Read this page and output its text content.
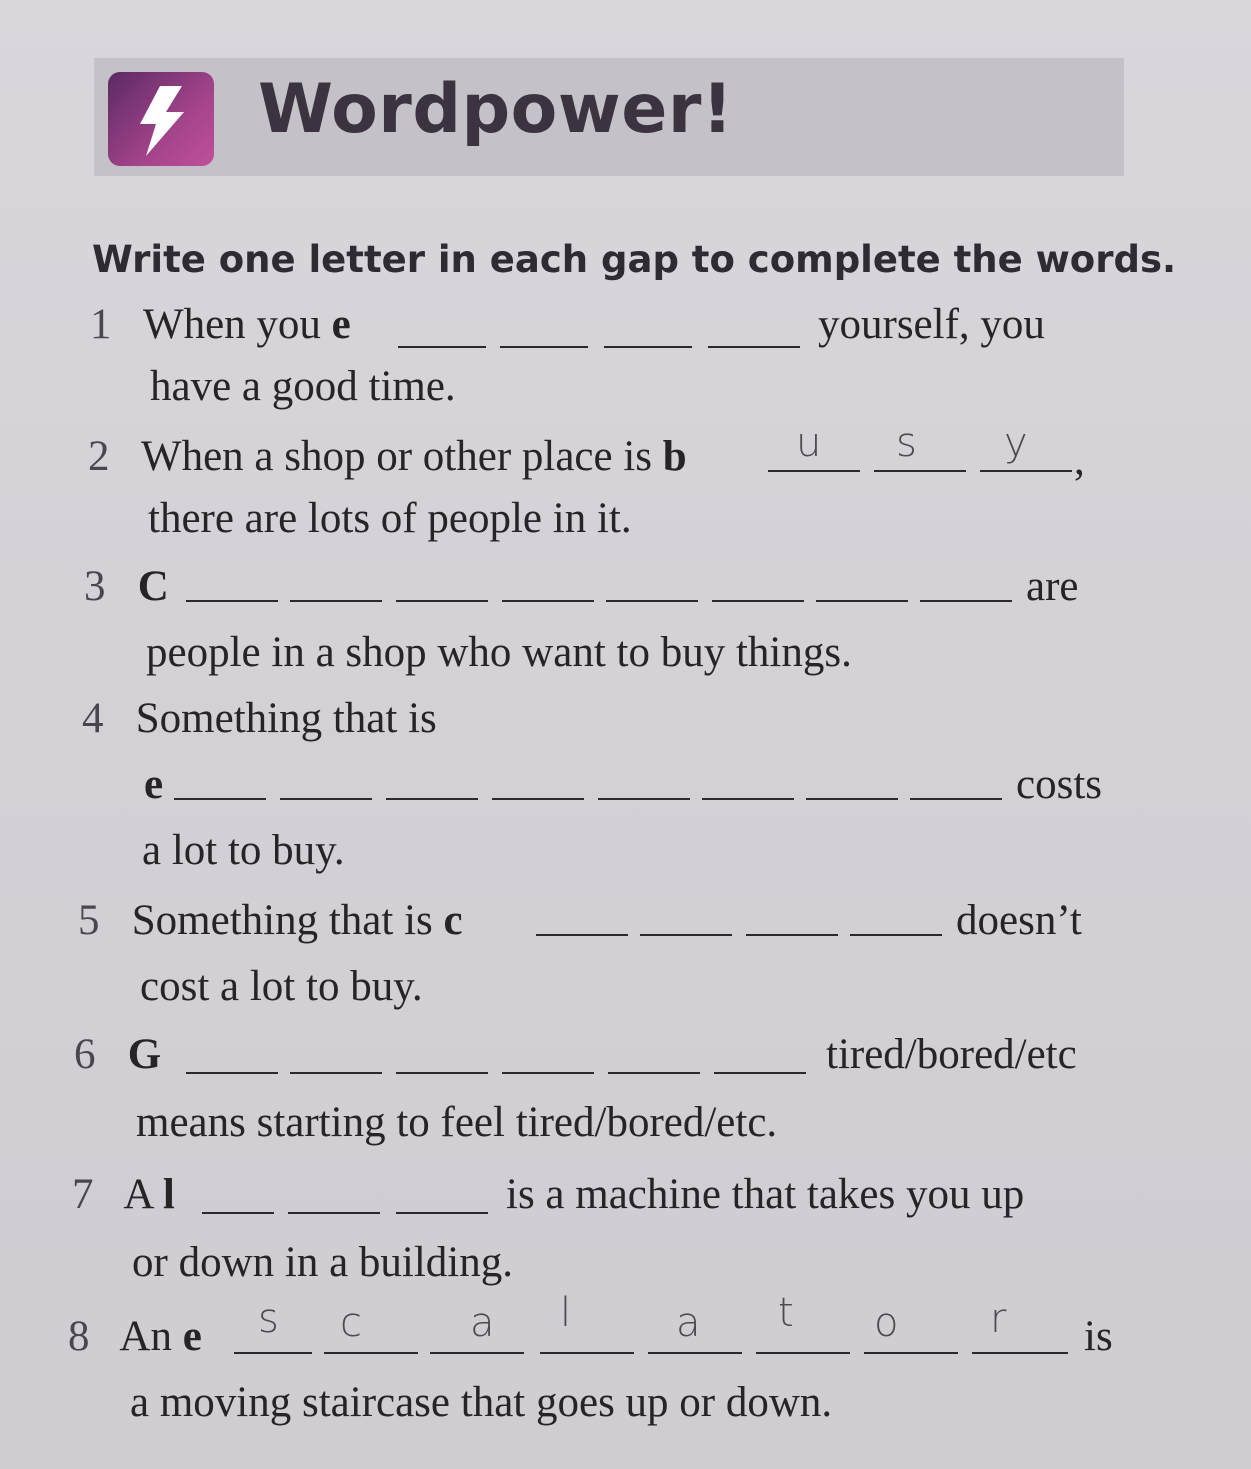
Wordpower!
Write one letter in each gap to complete the words.
1 When you e	yourself, you
have a good time.
2 When a shop or other place is b	u s y ,
there are lots of people in it.
3 C	are
people in a shop who want to buy things.
4 Something that is
e	costs
a lot to buy.
5 Something that is c	doesn’t
cost a lot to buy.
6 G	tired/bored/etc
means starting to feel tired/bored/etc.
7 A l	is a machine that takes you up
or down in a building.
8 An e s c	a l	a t o r is
a moving staircase that goes up or down.
